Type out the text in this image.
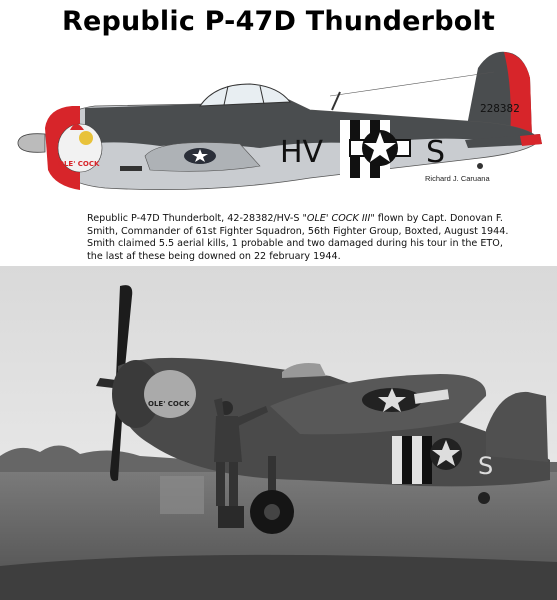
Republic P-47D Thunderbolt
228382
OLE' COCK	HV	S
Richard J. Caruana
Republic P-47D Thunderbolt, 42-28382/HV-S "OLE' COCK III" flown by Capt. Donovan F. Smith, Commander of 61st Fighter Squadron, 56th Fighter Group, Boxted, August 1944. Smith claimed 5.5 aerial kills, 1 probable and two damaged during his tour in the ETO, the last af these being downed on 22 february 1944.
OLE' COCK
S
